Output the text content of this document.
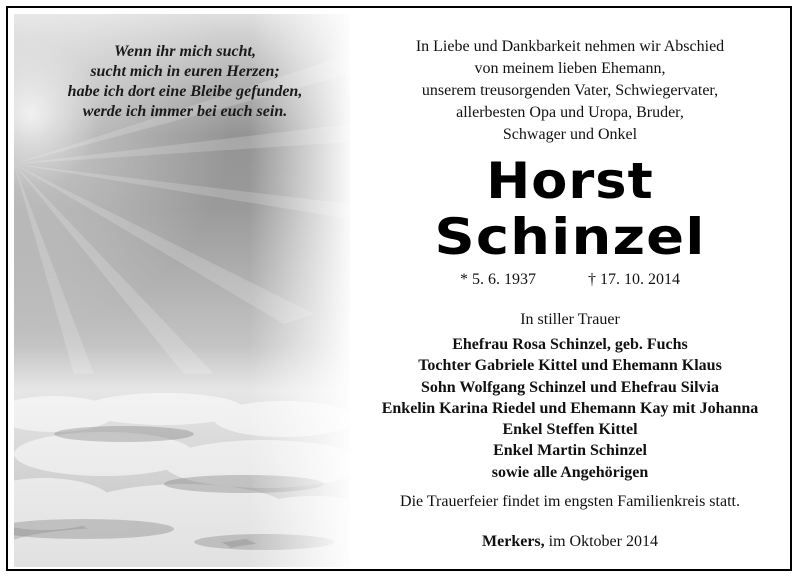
Wenn ihr mich sucht,
sucht mich in euren Herzen;
habe ich dort eine Bleibe gefunden,
werde ich immer bei euch sein.
In Liebe und Dankbarkeit nehmen wir Abschied
von meinem lieben Ehemann,
unserem treusorgenden Vater, Schwiegervater,
allerbesten Opa und Uropa, Bruder,
Schwager und Onkel
Horst
Schinzel
* 5. 6. 1937	† 17. 10. 2014
In stiller Trauer
Ehefrau Rosa Schinzel, geb. Fuchs
Tochter Gabriele Kittel und Ehemann Klaus
Sohn Wolfgang Schinzel und Ehefrau Silvia
Enkelin Karina Riedel und Ehemann Kay mit Johanna
Enkel Steffen Kittel
Enkel Martin Schinzel
sowie alle Angehörigen
Die Trauerfeier findet im engsten Familienkreis statt.
Merkers, im Oktober 2014
